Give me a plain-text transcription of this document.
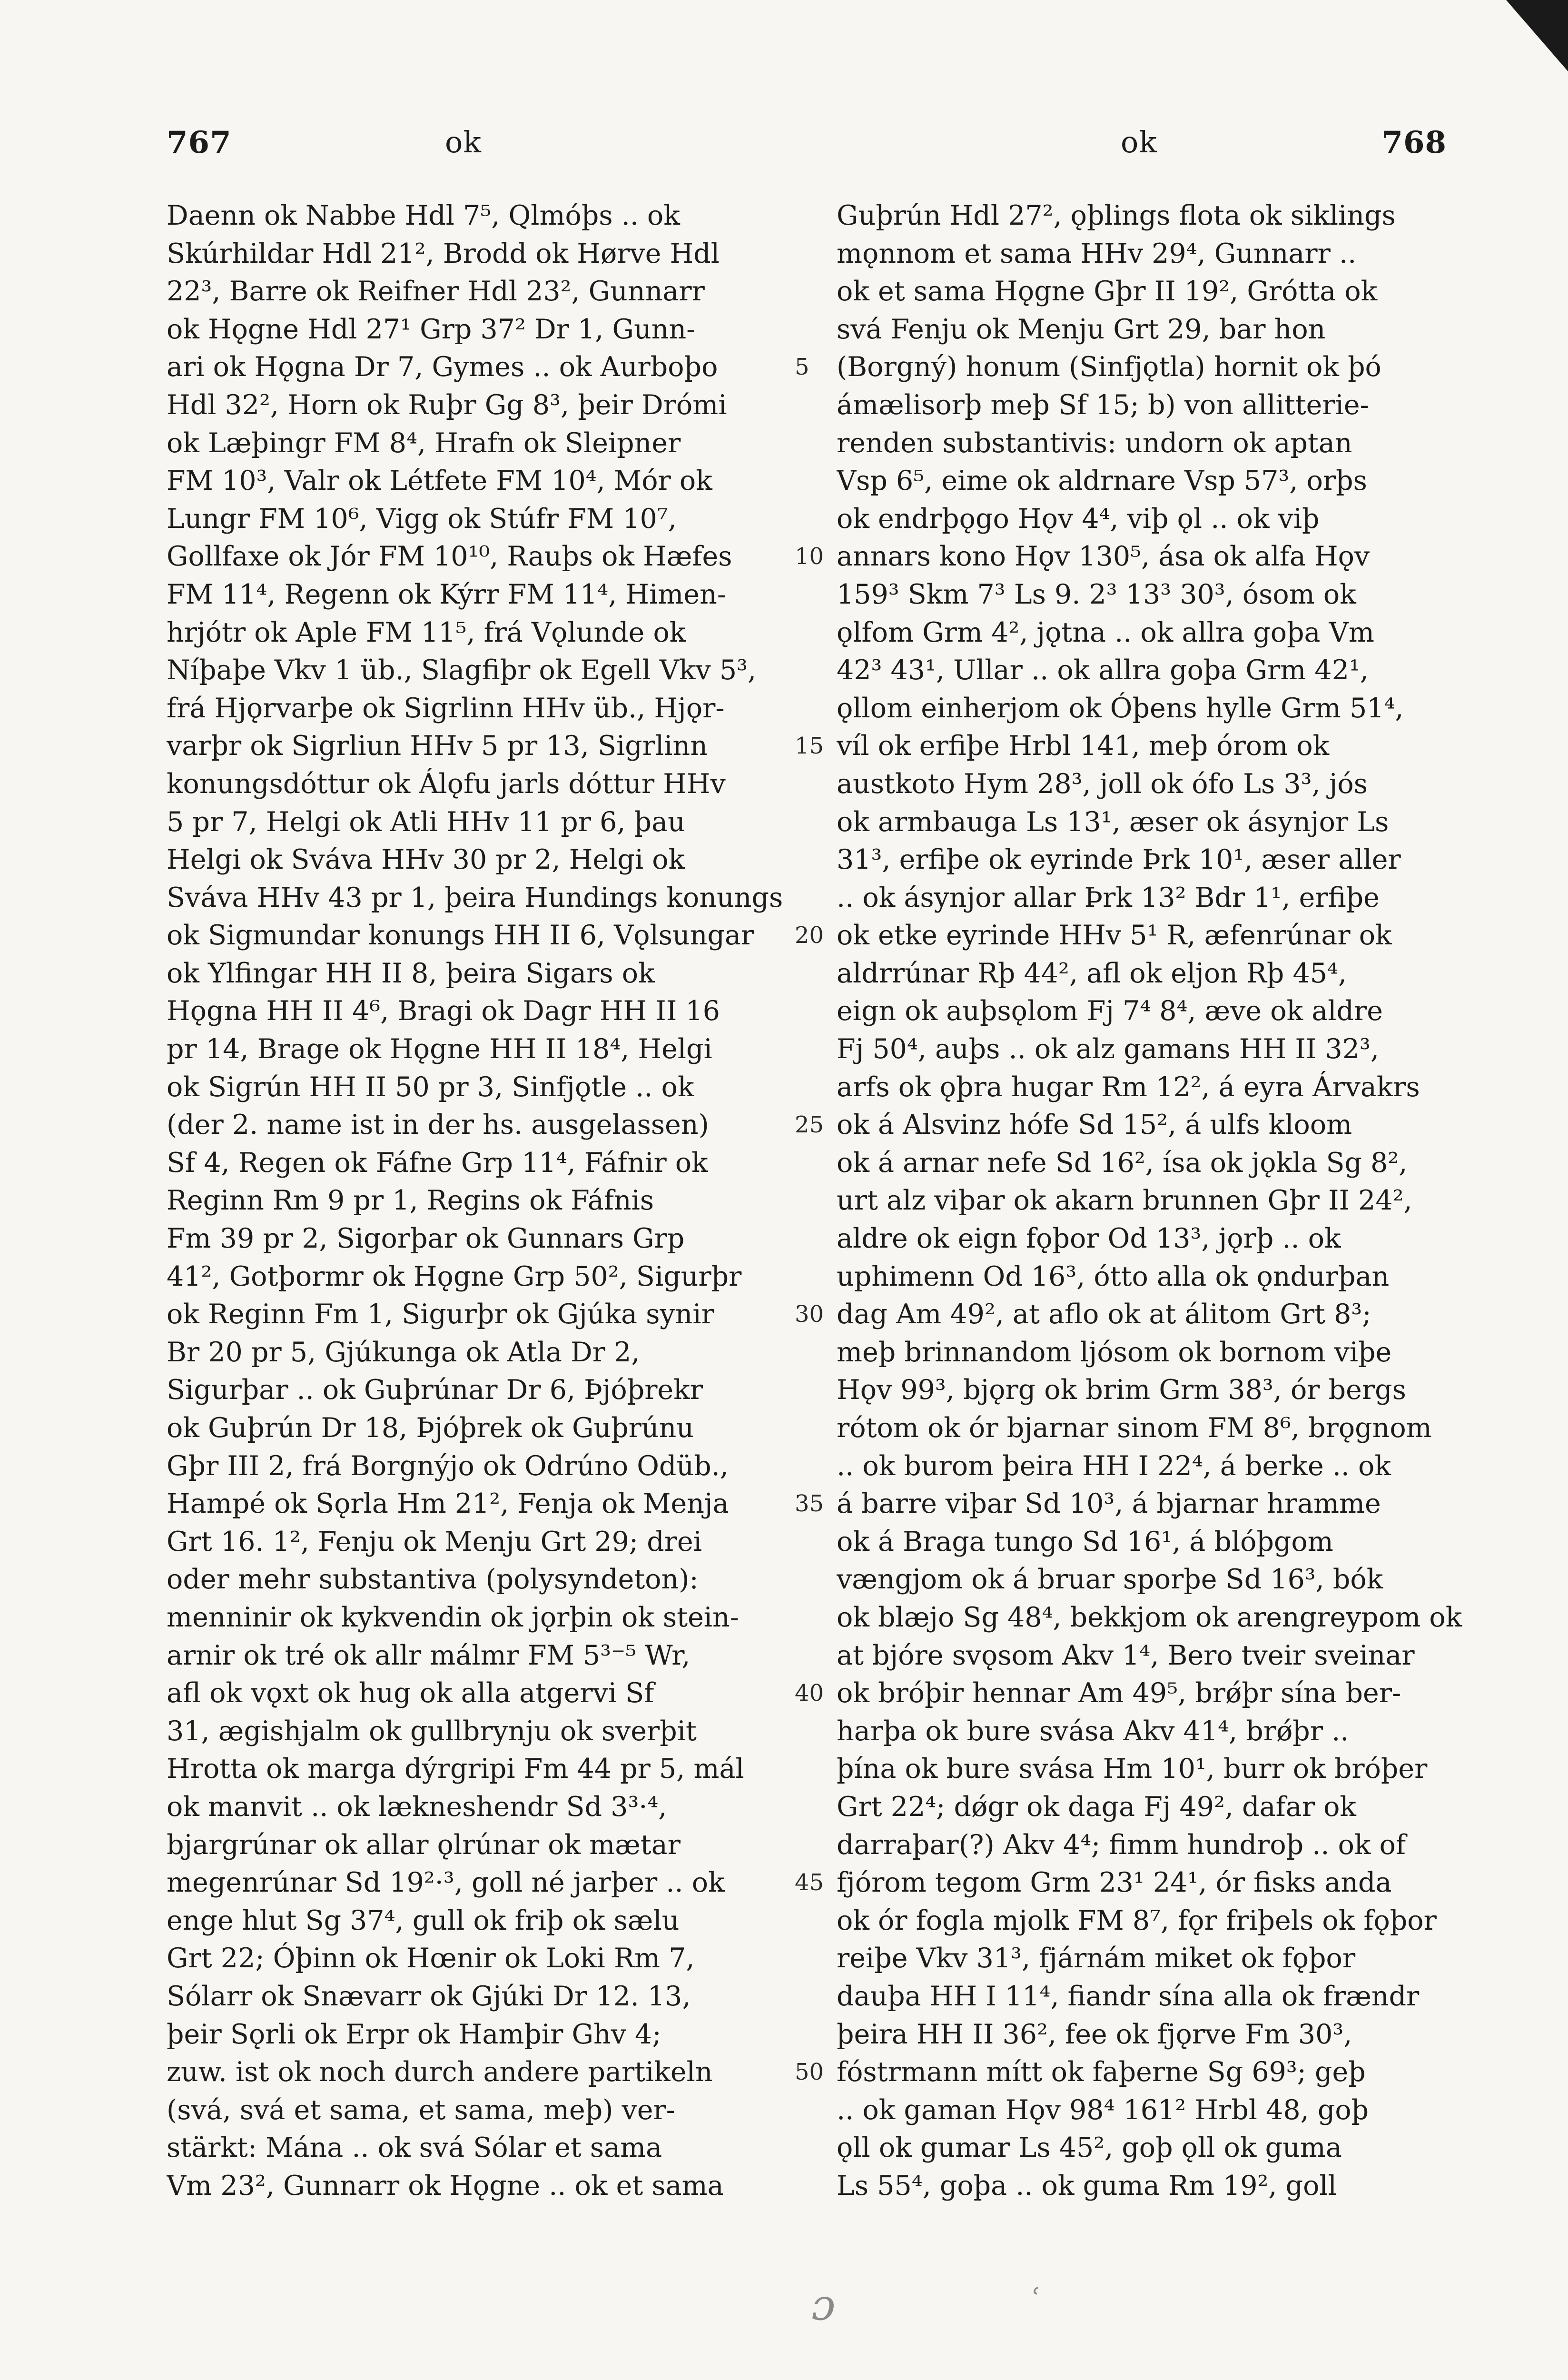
767	ok	ok	768
Daenn ok Nabbe Hdl 7⁵, Qlmóþs .. ok
Skúrhildar Hdl 21², Brodd ok Hørve Hdl
22³, Barre ok Reifner Hdl 23², Gunnarr
ok Hǫgne Hdl 27¹ Grp 37² Dr 1, Gunn-
ari ok Hǫgna Dr 7, Gymes .. ok Aurboþo
Hdl 32², Horn ok Ruþr Gg 8³, þeir Drómi
ok Læþingr FM 8⁴, Hrafn ok Sleipner
FM 10³, Valr ok Létfete FM 10⁴, Mór ok
Lungr FM 10⁶, Vigg ok Stúfr FM 10⁷,
Gollfaxe ok Jór FM 10¹⁰, Rauþs ok Hæfes
FM 11⁴, Regenn ok Kýrr FM 11⁴, Himen-
hrjótr ok Aple FM 11⁵, frá Vǫlunde ok
Níþaþe Vkv 1 üb., Slagfiþr ok Egell Vkv 5³,
frá Hjǫrvarþe ok Sigrlinn HHv üb., Hjǫr-
varþr ok Sigrliun HHv 5 pr 13, Sigrlinn
konungsdóttur ok Álǫfu jarls dóttur HHv
5 pr 7, Helgi ok Atli HHv 11 pr 6, þau
Helgi ok Sváva HHv 30 pr 2, Helgi ok
Sváva HHv 43 pr 1, þeira Hundings konungs
ok Sigmundar konungs HH II 6, Vǫlsungar
ok Ylfingar HH II 8, þeira Sigars ok
Hǫgna HH II 4⁶, Bragi ok Dagr HH II 16
pr 14, Brage ok Hǫgne HH II 18⁴, Helgi
ok Sigrún HH II 50 pr 3, Sinfjǫtle .. ok
(der 2. name ist in der hs. ausgelassen)
Sf 4, Regen ok Fáfne Grp 11⁴, Fáfnir ok
Reginn Rm 9 pr 1, Regins ok Fáfnis
Fm 39 pr 2, Sigorþar ok Gunnars Grp
41², Gotþormr ok Hǫgne Grp 50², Sigurþr
ok Reginn Fm 1, Sigurþr ok Gjúka synir
Br 20 pr 5, Gjúkunga ok Atla Dr 2,
Sigurþar .. ok Guþrúnar Dr 6, Þjóþrekr
ok Guþrún Dr 18, Þjóþrek ok Guþrúnu
Gþr III 2, frá Borgnýjo ok Odrúno Odüb.,
Hampé ok Sǫrla Hm 21², Fenja ok Menja
Grt 16. 1², Fenju ok Menju Grt 29; drei
oder mehr substantiva (polysyndeton):
menninir ok kykvendin ok jǫrþin ok stein-
arnir ok tré ok allr málmr FM 5³⁻⁵ Wr,
afl ok vǫxt ok hug ok alla atgervi Sf
31, ægishjalm ok gullbrynju ok sverþit
Hrotta ok marga dýrgripi Fm 44 pr 5, mál
ok manvit .. ok lækneshendr Sd 3³·⁴,
bjargrúnar ok allar ǫlrúnar ok mætar
megenrúnar Sd 19²·³, goll né jarþer .. ok
enge hlut Sg 37⁴, gull ok friþ ok sælu
Grt 22; Óþinn ok Hœnir ok Loki Rm 7,
Sólarr ok Snævarr ok Gjúki Dr 12. 13,
þeir Sǫrli ok Erpr ok Hamþir Ghv 4;
zuw. ist ok noch durch andere partikeln
(svá, svá et sama, et sama, meþ) ver-
stärkt: Mána .. ok svá Sólar et sama
Vm 23², Gunnarr ok Hǫgne .. ok et sama
5
10
15
20
25
30
35
40
45
50
Guþrún Hdl 27², ǫþlings flota ok siklings
mǫnnom et sama HHv 29⁴, Gunnarr ..
ok et sama Hǫgne Gþr II 19², Grótta ok
svá Fenju ok Menju Grt 29, bar hon
(Borgný) honum (Sinfjǫtla) hornit ok þó
ámælisorþ meþ Sf 15; b) von allitterie-
renden substantivis: undorn ok aptan
Vsp 6⁵, eime ok aldrnare Vsp 57³, orþs
ok endrþǫgo Hǫv 4⁴, viþ ǫl .. ok viþ
annars kono Hǫv 130⁵, ása ok alfa Hǫv
159³ Skm 7³ Ls 9. 2³ 13³ 30³, ósom ok
ǫlfom Grm 4², jǫtna .. ok allra goþa Vm
42³ 43¹, Ullar .. ok allra goþa Grm 42¹,
ǫllom einherjom ok Óþens hylle Grm 51⁴,
víl ok erfiþe Hrbl 141, meþ órom ok
austkoto Hym 28³, joll ok ófo Ls 3³, jós
ok armbauga Ls 13¹, æser ok ásynjor Ls
31³, erfiþe ok eyrinde Þrk 10¹, æser aller
.. ok ásynjor allar Þrk 13² Bdr 1¹, erfiþe
ok etke eyrinde HHv 5¹ R, æfenrúnar ok
aldrrúnar Rþ 44², afl ok eljon Rþ 45⁴,
eign ok auþsǫlom Fj 7⁴ 8⁴, æve ok aldre
Fj 50⁴, auþs .. ok alz gamans HH II 32³,
arfs ok ǫþra hugar Rm 12², á eyra Árvakrs
ok á Alsvinz hófe Sd 15², á ulfs kloom
ok á arnar nefe Sd 16², ísa ok jǫkla Sg 8²,
urt alz viþar ok akarn brunnen Gþr II 24²,
aldre ok eign fǫþor Od 13³, jǫrþ .. ok
uphimenn Od 16³, ótto alla ok ǫndurþan
dag Am 49², at aflo ok at álitom Grt 8³;
meþ brinnandom ljósom ok bornom viþe
Hǫv 99³, bjǫrg ok brim Grm 38³, ór bergs
rótom ok ór bjarnar sinom FM 8⁶, brǫgnom
.. ok burom þeira HH I 22⁴, á berke .. ok
á barre viþar Sd 10³, á bjarnar hramme
ok á Braga tungo Sd 16¹, á blóþgom
vængjom ok á bruar sporþe Sd 16³, bók
ok blæjo Sg 48⁴, bekkjom ok arengreypom ok
at bjóre svǫsom Akv 1⁴, Bero tveir sveinar
ok bróþir hennar Am 49⁵, brǿþr sína ber-
harþa ok bure svása Akv 41⁴, brǿþr ..
þína ok bure svása Hm 10¹, burr ok bróþer
Grt 22⁴; dǿgr ok daga Fj 49², dafar ok
darraþar(?) Akv 4⁴; fimm hundroþ .. ok of
fjórom tegom Grm 23¹ 24¹, ór fisks anda
ok ór fogla mjolk FM 8⁷, fǫr friþels ok fǫþor
reiþe Vkv 31³, fjárnám miket ok fǫþor
dauþa HH I 11⁴, fiandr sína alla ok frændr
þeira HH II 36², fee ok fjǫrve Fm 30³,
fóstrmann mítt ok faþerne Sg 69³; geþ
.. ok gaman Hǫv 98⁴ 161² Hrbl 48, goþ
ǫll ok gumar Ls 45², goþ ǫll ok guma
Ls 55⁴, goþa .. ok guma Rm 19², goll
ɔ	ʿ
